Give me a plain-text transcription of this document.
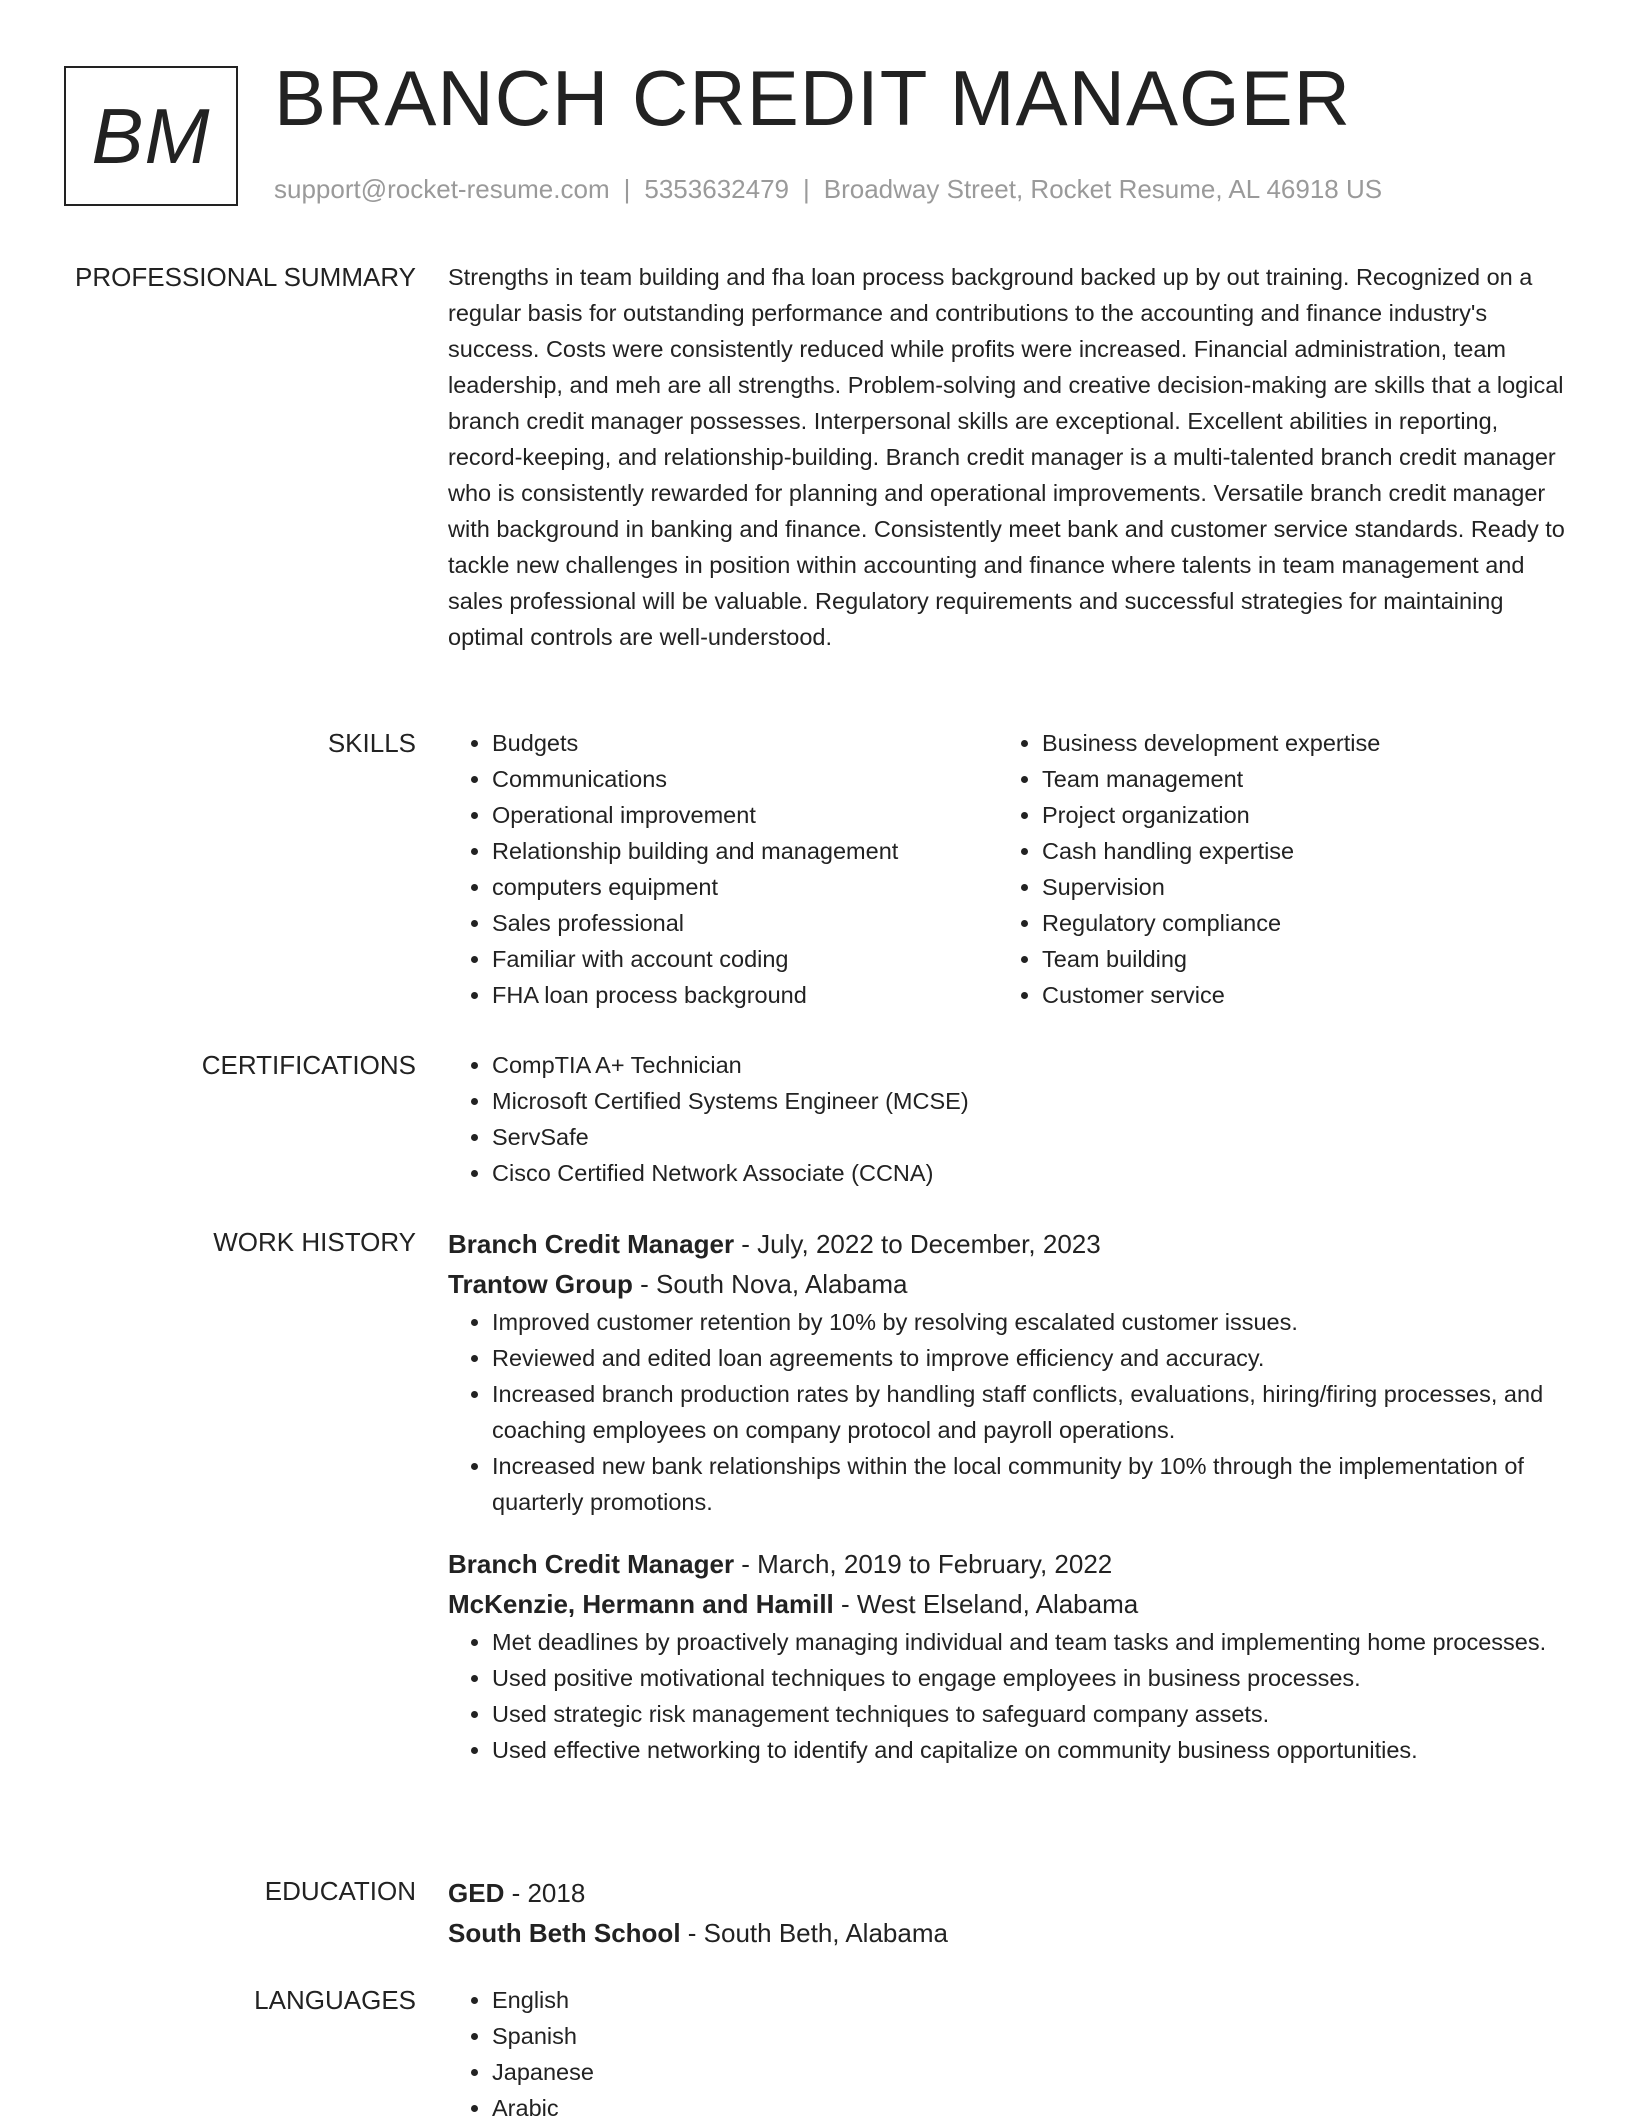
BM BRANCH CREDIT MANAGER
support@rocket-resume.com | 5353632479 | Broadway Street, Rocket Resume, AL 46918 US
PROFESSIONAL SUMMARY Strengths in team building and fha loan process background backed up by out training. Recognized on a regular basis for outstanding performance and contributions to the accounting and finance industry's success. Costs were consistently reduced while profits were increased. Financial administration, team leadership, and meh are all strengths. Problem-solving and creative decision-making are skills that a logical branch credit manager possesses. Interpersonal skills are exceptional. Excellent abilities in reporting, record-keeping, and relationship-building. Branch credit manager is a multi-talented branch credit manager who is consistently rewarded for planning and operational improvements. Versatile branch credit manager with background in banking and finance. Consistently meet bank and customer service standards. Ready to tackle new challenges in position within accounting and finance where talents in team management and sales professional will be valuable. Regulatory requirements and successful strategies for maintaining optimal controls are well-understood.
SKILLS	• Budgets
• Communications
• Operational improvement
• Relationship building and management
• computers equipment
• Sales professional
• Familiar with account coding
• FHA loan process background
• Business development expertise
• Team management
• Project organization
• Cash handling expertise
• Supervision
• Regulatory compliance
• Team building
• Customer service
CERTIFICATIONS	• CompTIA A+ Technician
• Microsoft Certified Systems Engineer (MCSE)
• ServSafe
• Cisco Certified Network Associate (CCNA)
WORK HISTORY Branch Credit Manager - July, 2022 to December, 2023
Trantow Group - South Nova, Alabama
• Improved customer retention by 10% by resolving escalated customer issues.
• Reviewed and edited loan agreements to improve efficiency and accuracy.
• Increased branch production rates by handling staff conflicts, evaluations, hiring/firing processes, and coaching employees on company protocol and payroll operations.
• Increased new bank relationships within the local community by 10% through the implementation of quarterly promotions.
Branch Credit Manager - March, 2019 to February, 2022
McKenzie, Hermann and Hamill - West Elseland, Alabama
• Met deadlines by proactively managing individual and team tasks and implementing home processes.
• Used positive motivational techniques to engage employees in business processes.
• Used strategic risk management techniques to safeguard company assets.
• Used effective networking to identify and capitalize on community business opportunities.
EDUCATION GED - 2018
South Beth School - South Beth, Alabama
LANGUAGES	• English
• Spanish
• Japanese
• Arabic
